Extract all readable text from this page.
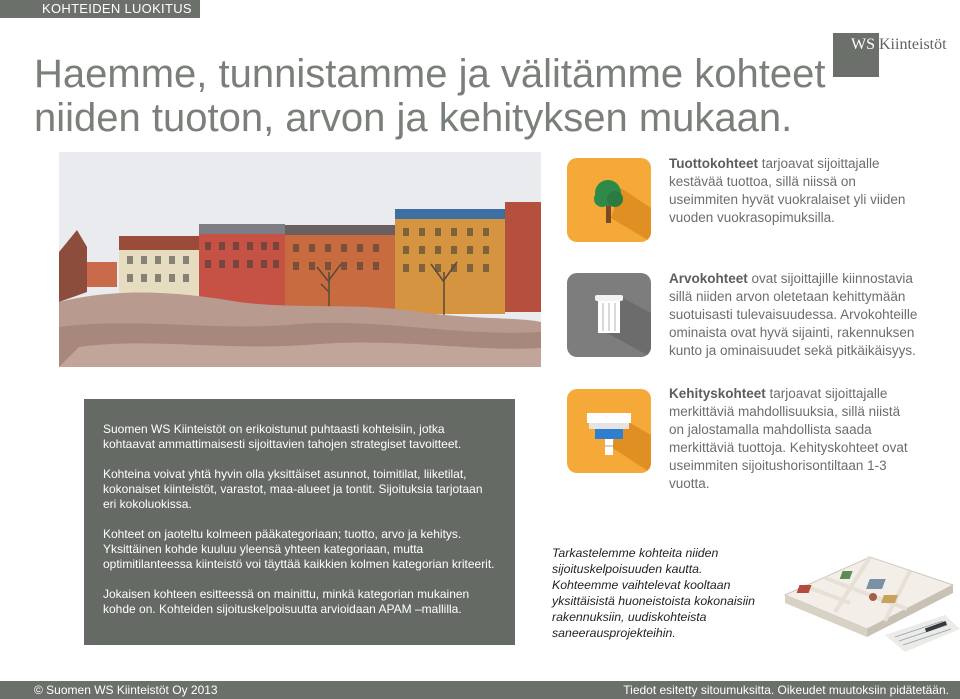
KOHTEIDEN LUOKITUS
WS Kiinteistöt
Haemme, tunnistamme ja välitämme kohteet niiden tuoton, arvon ja kehityksen mukaan.
Tuottokohteet tarjoavat sijoittajalle kestävää tuottoa, sillä niissä on useimmiten hyvät vuokralaiset yli viiden vuoden vuokrasopimuksilla.
Arvokohteet ovat sijoittajille kiinnostavia sillä niiden arvon oletetaan kehittymään suotuisasti tulevaisuudessa. Arvokohteille ominaista ovat hyvä sijainti, rakennuksen kunto ja ominaisuudet sekä pitkäikäisyys.
Kehityskohteet tarjoavat sijoittajalle merkittäviä mahdollisuuksia, sillä niistä on jalostamalla mahdollista saada merkittäviä tuottoja. Kehityskohteet ovat useimmiten sijoitushorisontiltaan 1-3 vuotta.

Suomen WS Kiinteistöt on erikoistunut puhtaasti kohteisiin, jotka kohtaavat ammattimaisesti sijoittavien tahojen strategiset tavoitteet.

Kohteina voivat yhtä hyvin olla yksittäiset asunnot, toimitilat, liiketilat, kokonaiset kiinteistöt, varastot, maa-alueet ja tontit. Sijoituksia tarjotaan eri kokoluokissa.

Kohteet on jaoteltu kolmeen pääkategoriaan; tuotto, arvo ja kehitys. Yksittäinen kohde kuuluu yleensä yhteen kategoriaan, mutta optimitilanteessa kiinteistö voi täyttää kaikkien kolmen kategorian kriteerit.

Jokaisen kohteen esitteessä on mainittu, minkä kategorian mukainen kohde on. Kohteiden sijoituskelpoisuutta arvioidaan APAM –mallilla.

Tarkastelemme kohteita niiden sijoituskelpoisuuden kautta. Kohteemme vaihtelevat kooltaan yksittäisistä huoneistoista kokonaisiin rakennuksiin, uudiskohteista saneerausprojekteihin.
© Suomen WS Kiinteistöt Oy 2013	Tiedot esitetty sitoumuksitta. Oikeudet muutoksiin pidätetään.
